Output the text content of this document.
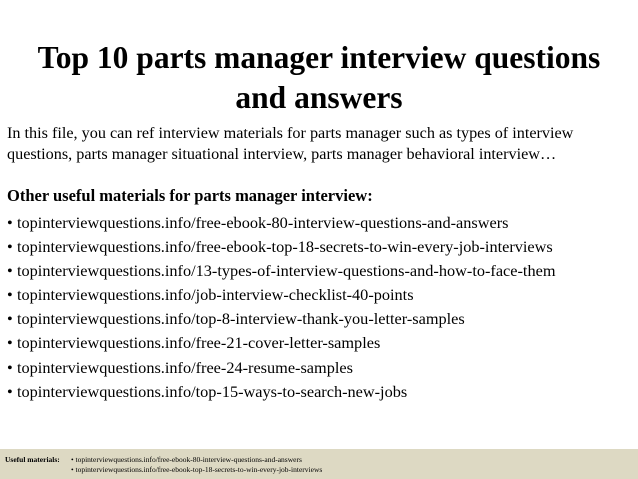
Top 10 parts manager interview questions
and answers
In this file, you can ref interview materials for parts manager such as types of interview
questions, parts manager situational interview, parts manager behavioral interview…
Other useful materials for parts manager interview:
• topinterviewquestions.info/free-ebook-80-interview-questions-and-answers
• topinterviewquestions.info/free-ebook-top-18-secrets-to-win-every-job-interviews
• topinterviewquestions.info/13-types-of-interview-questions-and-how-to-face-them
• topinterviewquestions.info/job-interview-checklist-40-points
• topinterviewquestions.info/top-8-interview-thank-you-letter-samples
• topinterviewquestions.info/free-21-cover-letter-samples
• topinterviewquestions.info/free-24-resume-samples
• topinterviewquestions.info/top-15-ways-to-search-new-jobs
Useful materials: • topinterviewquestions.info/free-ebook-80-interview-questions-and-answers
• topinterviewquestions.info/free-ebook-top-18-secrets-to-win-every-job-interviews
